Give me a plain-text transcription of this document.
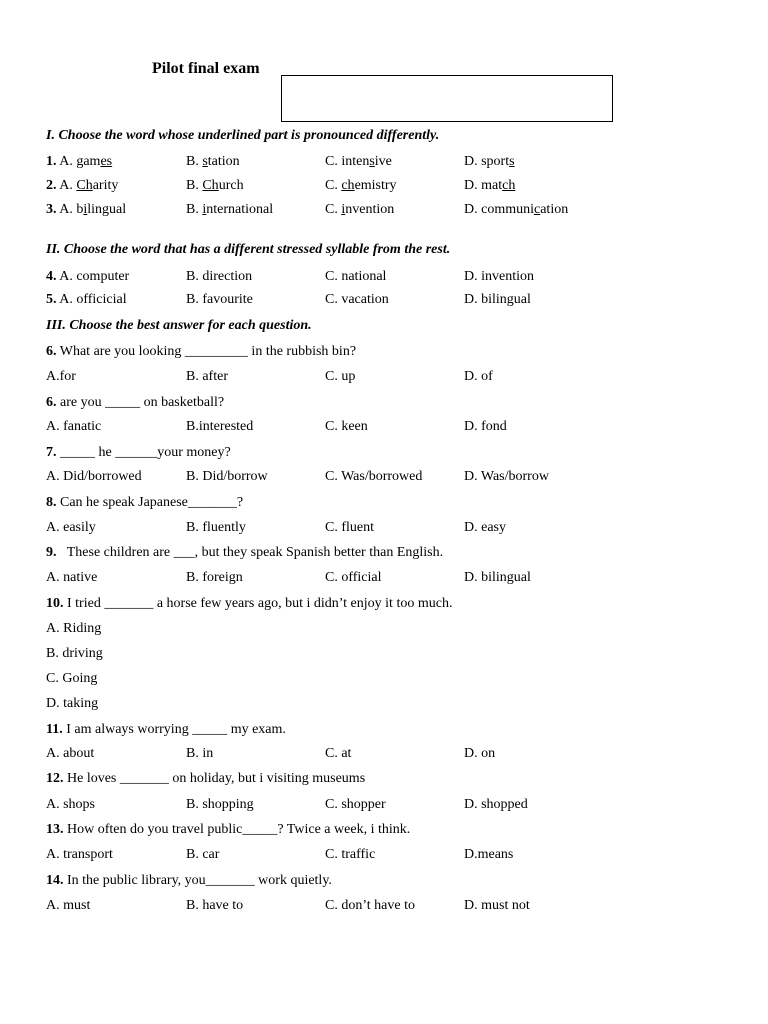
Pilot final exam
I. Choose the word whose underlined part is pronounced differently.
1. A. games	B. station	C. intensive	D. sports
2. A. Charity	B. Church	C. chemistry	D. match
3. A. bilingual	B. international	C. invention	D. communication
II. Choose the word that has a different stressed syllable from the rest.
4. A. computer	B. direction	C. national	D. invention
5. A. officicial	B. favourite	C. vacation	D. bilingual
III. Choose the best answer for each question.
6. What are you looking _________ in the rubbish bin?
A.for	B. after	C. up	D. of
6. are you _____ on basketball?
A. fanatic	B.interested	C. keen	D. fond
7. _____ he ______your money?
A. Did/borrowed	B. Did/borrow	C. Was/borrowed	D. Was/borrow
8. Can he speak Japanese_______?
A. easily	B. fluently	C. fluent	D. easy
9.   These children are ___, but they speak Spanish better than English.
A. native	B. foreign	C. official	D. bilingual
10. I tried _______ a horse few years ago, but i didn’t enjoy it too much.
A. Riding
B. driving
C. Going
D. taking
11. I am always worrying _____ my exam.
A. about	B. in	C. at	D. on
12. He loves _______ on holiday, but i visiting museums
A. shops	B. shopping	C. shopper	D. shopped
13. How often do you travel public_____? Twice a week, i think.
A. transport	B. car	C. traffic	D.means
14. In the public library, you_______ work quietly.
A. must	B. have to	C. don’t have to	D. must not
